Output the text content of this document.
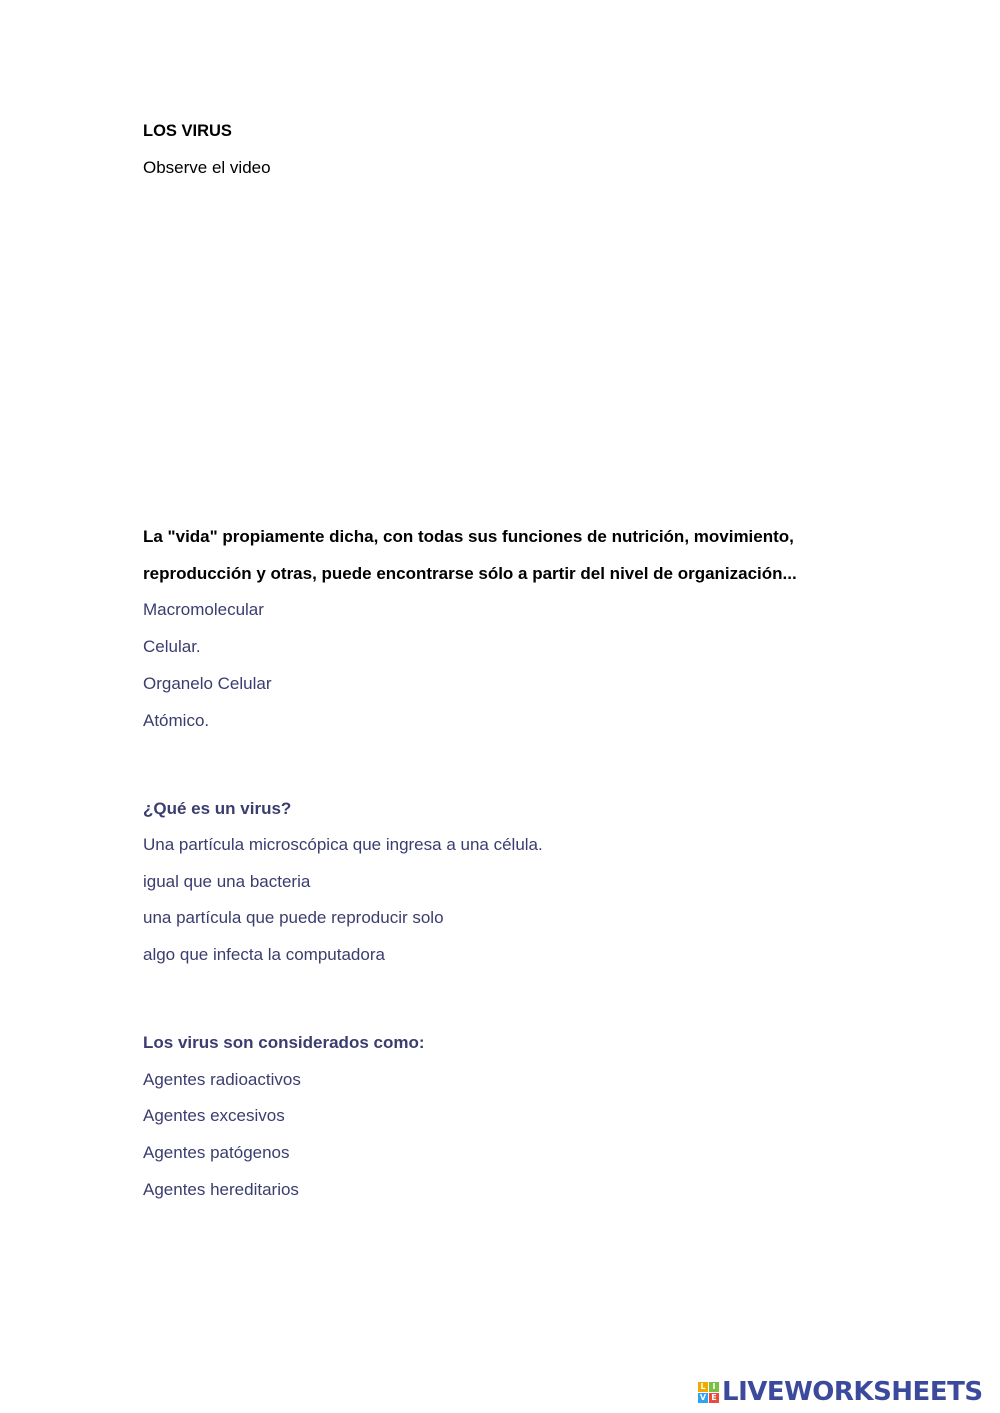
LOS VIRUS
Observe el video
La "vida" propiamente dicha, con todas sus funciones de nutrición, movimiento,
reproducción y otras, puede encontrarse sólo a partir del nivel de organización...
Macromolecular
Celular.
Organelo Celular
Atómico.
¿Qué es un virus?
Una partícula microscópica que ingresa a una célula.
igual que una bacteria
una partícula que puede reproducir solo
algo que infecta la computadora
Los virus son considerados como:
Agentes radioactivos
Agentes excesivos
Agentes patógenos
Agentes hereditarios
L I
V E LIVEWORKSHEETS
